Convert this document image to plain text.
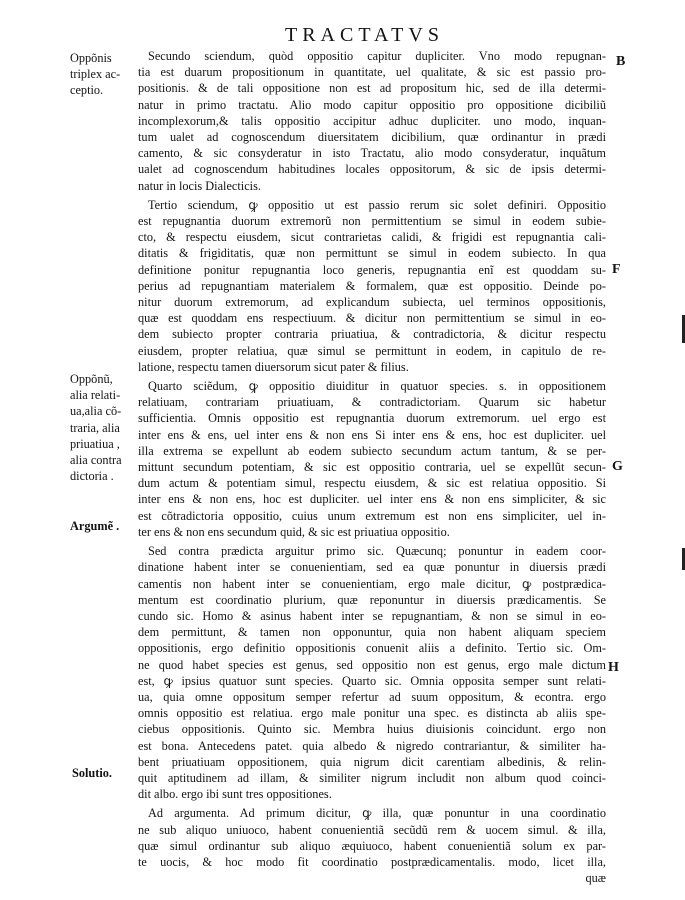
TRACTATVS
B
F
G
H
Oppõnis
triplex ac-
ceptio.
Oppõnũ,
alia relati-
ua,alia cõ-
traria, alia
priuatiua ,
alia contra
dictoria .
Argumẽ .
Solutio.
Secundo sciendum, quòd oppositio capitur dupliciter. Vno modo repugnan-
tia est duarum propositionum in quantitate, uel qualitate, & sic est passio pro-
positionis. & de tali oppositione non est ad propositum hic, sed de illa determi-
natur in primo tractatu. Alio modo capitur oppositio pro oppositione dicibiliũ
incomplexorum,& talis oppositio accipitur adhuc dupliciter. uno modo, inquan-
tum ualet ad cognoscendum diuersitatem dicibilium, quæ ordinantur in prædi
camento, & sic consyderatur in isto Tractatu, alio modo consyderatur, inquãtum
ualet ad cognoscendum habitudines locales oppositorum, & sic de ipsis determi-
natur in locis Dialecticis.
Tertio sciendum, ꝙ oppositio ut est passio rerum sic solet definiri. Oppositio
est repugnantia duorum extremorũ non permittentium se simul in eodem subie-
cto, & respectu eiusdem, sicut contrarietas calidi, & frigidi est repugnantia cali-
ditatis & frigiditatis, quæ non permittunt se simul in eodem subiecto. In qua
definitione ponitur repugnantia loco generis, repugnantia enĩ est quoddam su-
perius ad repugnantiam materialem & formalem, quæ est oppositio. Deinde po-
nitur duorum extremorum, ad explicandum subiecta, uel terminos oppositionis,
quæ est quoddam ens respectiuum. & dicitur non permittentium se simul in eo-
dem subiecto propter contraria priuatiua, & contradictoria, & dicitur respectu
eiusdem, propter relatiua, quæ simul se permittunt in eodem, in capitulo de re-
latione, respectu tamen diuersorum sicut pater & filius.
Quarto sciẽdum, ꝙ oppositio diuiditur in quatuor species. s. in oppositionem
relatiuam, contrariam priuatiuam, & contradictoriam. Quarum sic habetur
sufficientia. Omnis oppositio est repugnantia duorum extremorum. uel ergo est
inter ens & ens, uel inter ens & non ens Si inter ens & ens, hoc est dupliciter. uel
illa extrema se expellunt ab eodem subiecto secundum actum tantum, & se per-
mittunt secundum potentiam, & sic est oppositio contraria, uel se expellũt secun-
dum actum & potentiam simul, respectu eiusdem, & sic est relatiua oppositio. Si
inter ens & non ens, hoc est dupliciter. uel inter ens & non ens simpliciter, & sic
est cõtradictoria oppositio, cuius unum extremum est non ens simpliciter, uel in-
ter ens & non ens secundum quid, & sic est priuatiua oppositio.
Sed contra prædicta arguitur primo sic. Quæcunq; ponuntur in eadem coor-
dinatione habent inter se conuenientiam, sed ea quæ ponuntur in diuersis prædi
camentis non habent inter se conuenientiam, ergo male dicitur, ꝙ postprædica-
mentum est coordinatio plurium, quæ reponuntur in diuersis prædicamentis. Se
cundo sic. Homo & asinus habent inter se repugnantiam, & non se simul in eo-
dem permittunt, & tamen non opponuntur, quia non habent aliquam speciem
oppositionis, ergo definitio oppositionis conuenit aliis a definito. Tertio sic. Om-
ne quod habet species est genus, sed oppositio non est genus, ergo male dictum
est, ꝙ ipsius quatuor sunt species. Quarto sic. Omnia opposita semper sunt relati-
ua, quia omne oppositum semper refertur ad suum oppositum, & econtra. ergo
omnis oppositio est relatiua. ergo male ponitur una spec. es distincta ab aliis spe-
ciebus oppositionis. Quinto sic. Membra huius diuisionis coincidunt. ergo non
est bona. Antecedens patet. quia albedo & nigredo contrariantur, & similiter ha-
bent priuatiuam oppositionem, quia nigrum dicit carentiam albedinis, & relin-
quit aptitudinem ad illam, & similiter nigrum includit non album quod coinci-
dit albo. ergo ibi sunt tres oppositiones.
Ad argumenta. Ad primum dicitur, ꝙ illa, quæ ponuntur in una coordinatio
ne sub aliquo uniuoco, habent conuenientiã secũdũ rem & uocem simul. & illa,
quæ simul ordinantur sub aliquo æquiuoco, habent conuenientiã solum ex par-
te uocis, & hoc modo fit coordinatio postprædicamentalis. modo, licet illa,
quæ
